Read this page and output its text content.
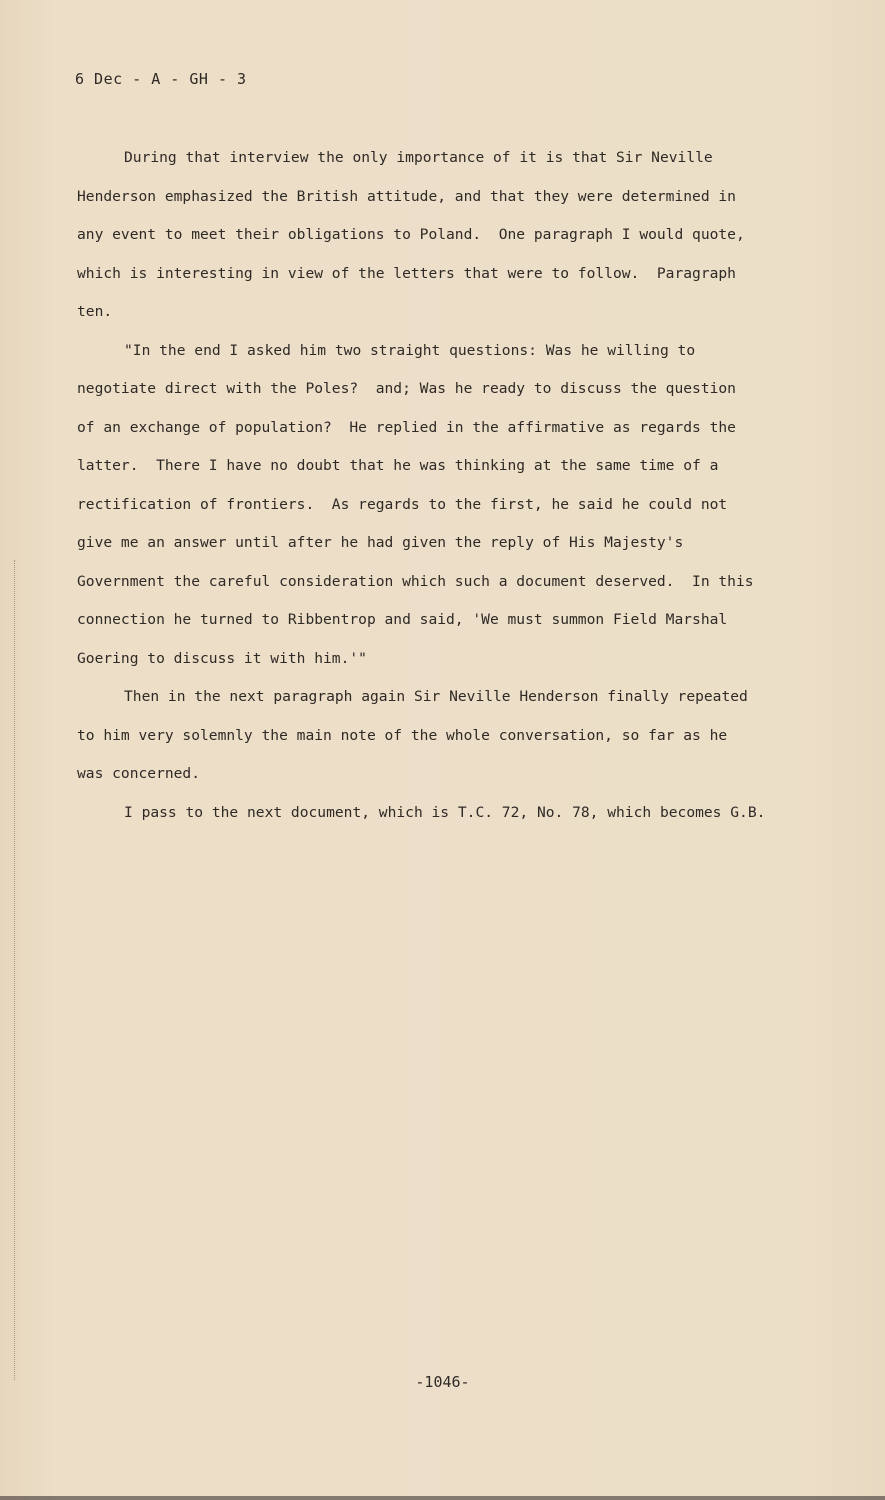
6 Dec - A - GH - 3
During that interview the only importance of it is that Sir Neville
Henderson emphasized the British attitude, and that they were determined in
any event to meet their obligations to Poland.  One paragraph I would quote,
which is interesting in view of the letters that were to follow.  Paragraph
ten.
"In the end I asked him two straight questions: Was he willing to
negotiate direct with the Poles?  and; Was he ready to discuss the question
of an exchange of population?  He replied in the affirmative as regards the
latter.  There I have no doubt that he was thinking at the same time of a
rectification of frontiers.  As regards to the first, he said he could not
give me an answer until after he had given the reply of His Majesty's
Government the careful consideration which such a document deserved.  In this
connection he turned to Ribbentrop and said, 'We must summon Field Marshal
Goering to discuss it with him.'"
Then in the next paragraph again Sir Neville Henderson finally repeated
to him very solemnly the main note of the whole conversation, so far as he
was concerned.
I pass to the next document, which is T.C. 72, No. 78, which becomes G.B.
-1046-
